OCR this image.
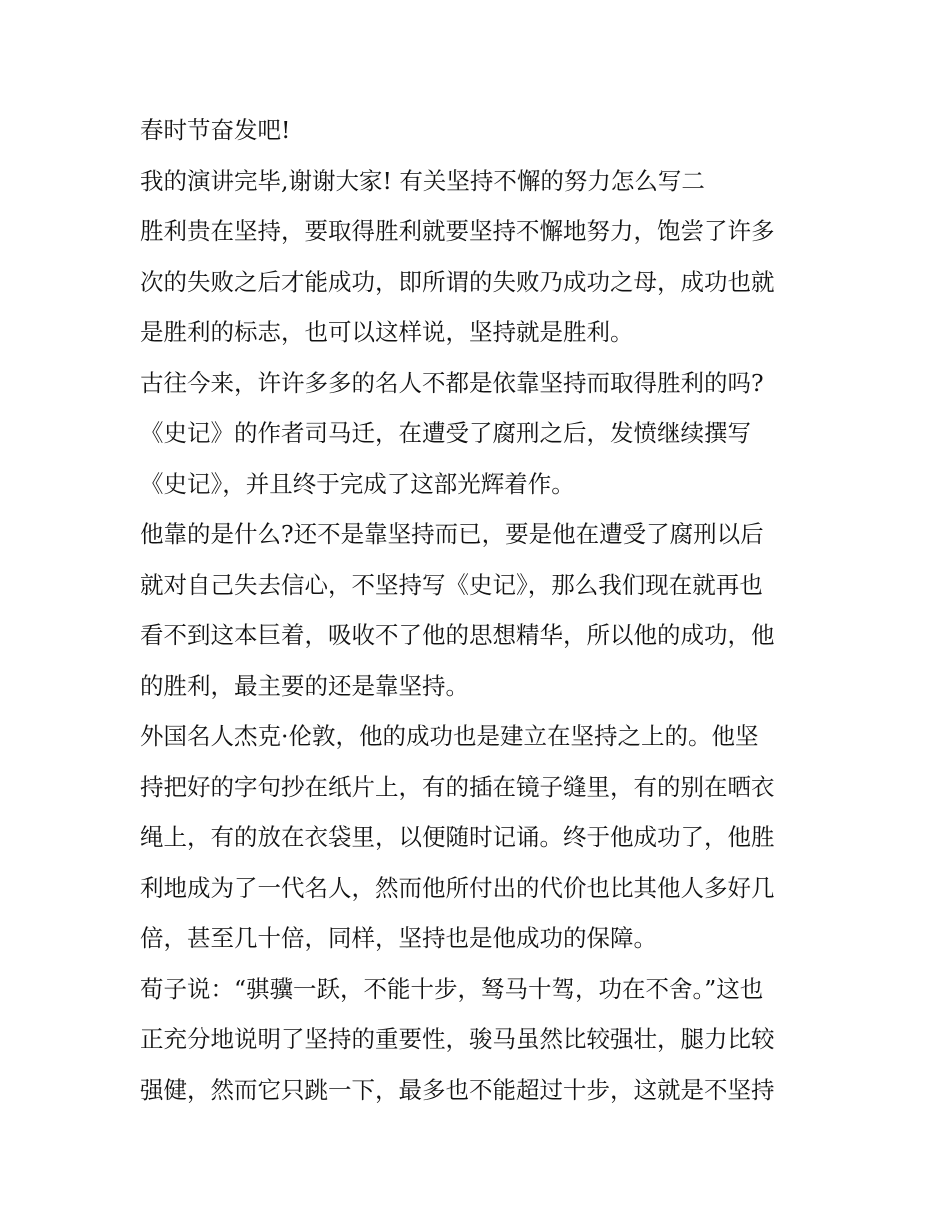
春时节奋发吧!
我的演讲完毕,谢谢大家! 有关坚持不懈的努力怎么写二
胜利贵在坚持，要取得胜利就要坚持不懈地努力，饱尝了许多
次的失败之后才能成功，即所谓的失败乃成功之母，成功也就
是胜利的标志，也可以这样说，坚持就是胜利。
古往今来，许许多多的名人不都是依靠坚持而取得胜利的吗?
《史记》的作者司马迁，在遭受了腐刑之后，发愤继续撰写
《史记》，并且终于完成了这部光辉着作。
他靠的是什么?还不是靠坚持而已，要是他在遭受了腐刑以后
就对自己失去信心，不坚持写《史记》，那么我们现在就再也
看不到这本巨着，吸收不了他的思想精华，所以他的成功，他
的胜利，最主要的还是靠坚持。
外国名人杰克·伦敦，他的成功也是建立在坚持之上的。他坚
持把好的字句抄在纸片上，有的插在镜子缝里，有的别在晒衣
绳上，有的放在衣袋里，以便随时记诵。终于他成功了，他胜
利地成为了一代名人，然而他所付出的代价也比其他人多好几
倍，甚至几十倍，同样，坚持也是他成功的保障。
荀子说：“骐骥一跃，不能十步，驽马十驾，功在不舍。”这也
正充分地说明了坚持的重要性，骏马虽然比较强壮，腿力比较
强健，然而它只跳一下，最多也不能超过十步，这就是不坚持
